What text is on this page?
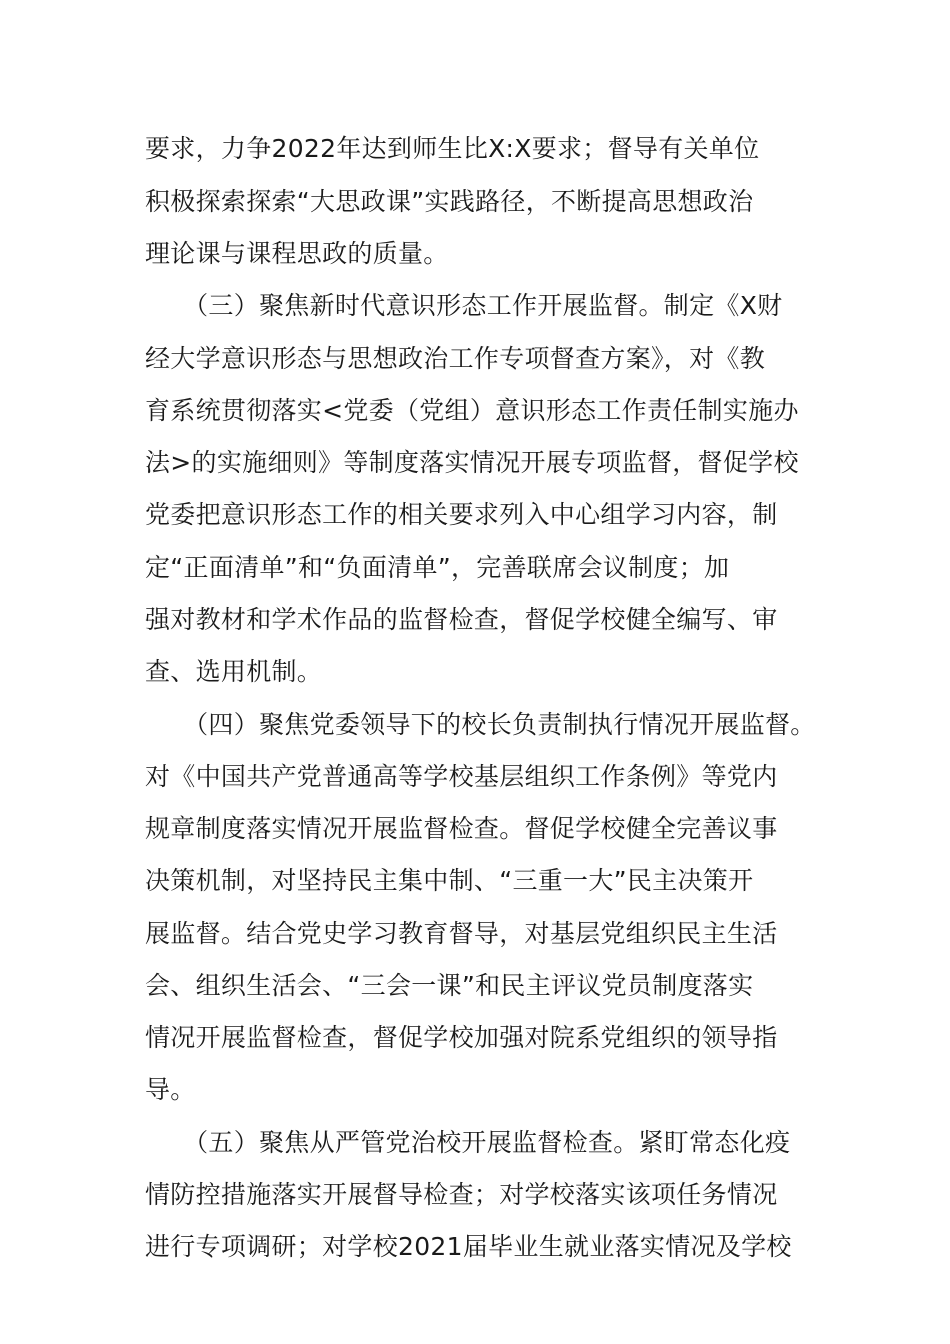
要求，力争2022年达到师生比X:X要求；督导有关单位
积极探索探索“大思政课”实践路径，不断提高思想政治
理论课与课程思政的质量。
　　（三）聚焦新时代意识形态工作开展监督。制定《X财
经大学意识形态与思想政治工作专项督查方案》，对《教
育系统贯彻落实<党委（党组）意识形态工作责任制实施办
法>的实施细则》等制度落实情况开展专项监督，督促学校
党委把意识形态工作的相关要求列入中心组学习内容，制
定“正面清单”和“负面清单”，完善联席会议制度；加
强对教材和学术作品的监督检查，督促学校健全编写、审
查、选用机制。
　　（四）聚焦党委领导下的校长负责制执行情况开展监督。
对《中国共产党普通高等学校基层组织工作条例》等党内
规章制度落实情况开展监督检查。督促学校健全完善议事
决策机制，对坚持民主集中制、“三重一大”民主决策开
展监督。结合党史学习教育督导，对基层党组织民主生活
会、组织生活会、“三会一课”和民主评议党员制度落实
情况开展监督检查，督促学校加强对院系党组织的领导指
导。
　　（五）聚焦从严管党治校开展监督检查。紧盯常态化疫
情防控措施落实开展督导检查；对学校落实该项任务情况
进行专项调研；对学校2021届毕业生就业落实情况及学校
